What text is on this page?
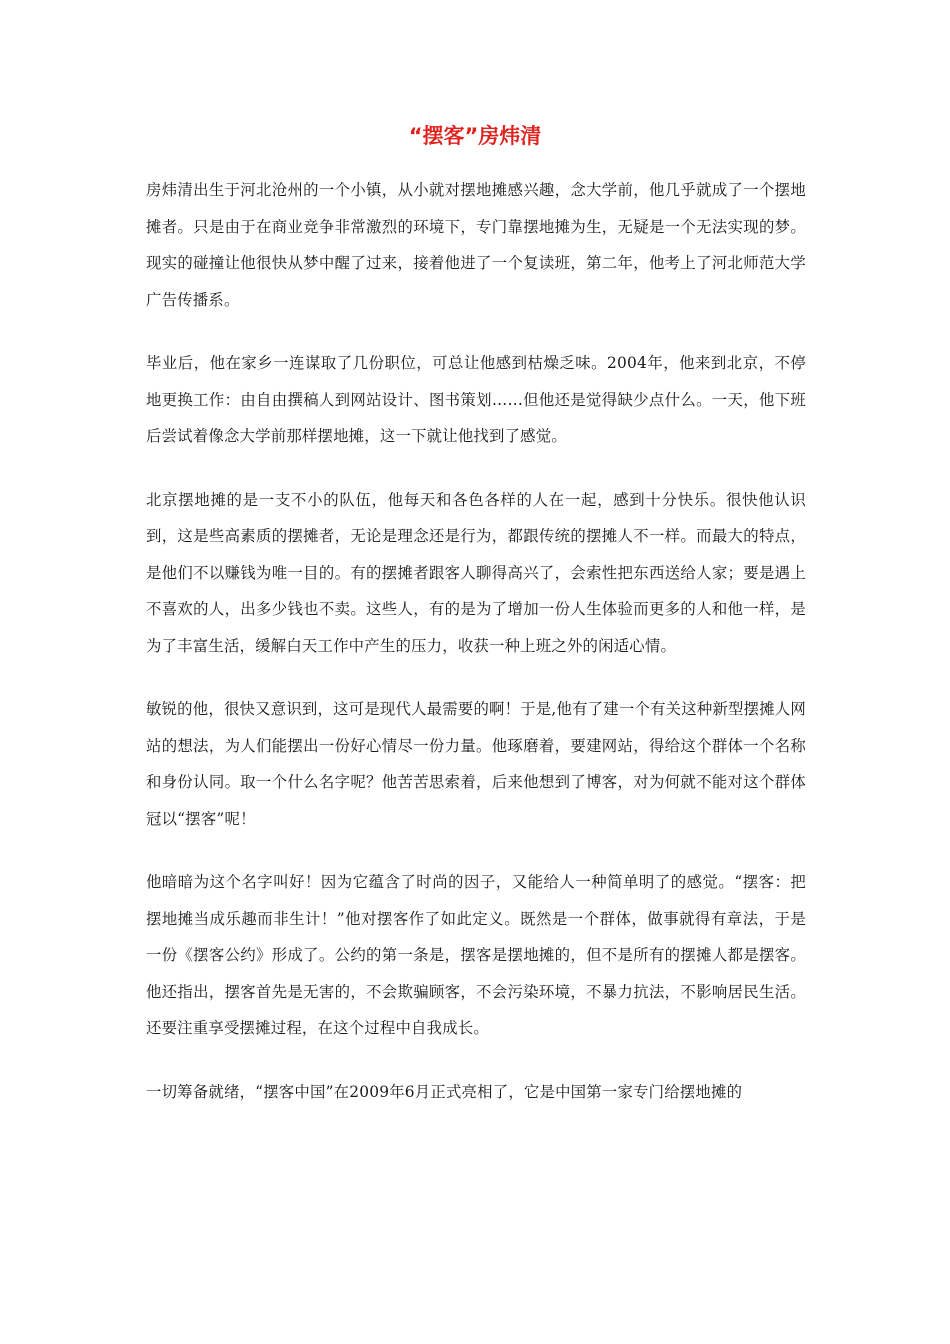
“摆客”房炜清

房炜清出生于河北沧州的一个小镇，从小就对摆地摊感兴趣，念大学前，他几乎就成了一个摆地摊者。只是由于在商业竞争非常激烈的环境下，专门靠摆地摊为生，无疑是一个无法实现的梦。现实的碰撞让他很快从梦中醒了过来，接着他进了一个复读班，第二年，他考上了河北师范大学广告传播系。

毕业后，他在家乡一连谋取了几份职位，可总让他感到枯燥乏味。2004年，他来到北京，不停地更换工作：由自由撰稿人到网站设计、图书策划……但他还是觉得缺少点什么。一天，他下班后尝试着像念大学前那样摆地摊，这一下就让他找到了感觉。

北京摆地摊的是一支不小的队伍，他每天和各色各样的人在一起，感到十分快乐。很快他认识到，这是些高素质的摆摊者，无论是理念还是行为，都跟传统的摆摊人不一样。而最大的特点，是他们不以赚钱为唯一目的。有的摆摊者跟客人聊得高兴了，会索性把东西送给人家；要是遇上不喜欢的人，出多少钱也不卖。这些人，有的是为了增加一份人生体验而更多的人和他一样，是为了丰富生活，缓解白天工作中产生的压力，收获一种上班之外的闲适心情。

敏锐的他，很快又意识到，这可是现代人最需要的啊！于是,他有了建一个有关这种新型摆摊人网站的想法，为人们能摆出一份好心情尽一份力量。他琢磨着，要建网站，得给这个群体一个名称和身份认同。取一个什么名字呢？他苦苦思索着，后来他想到了博客，对为何就不能对这个群体冠以“摆客”呢！

他暗暗为这个名字叫好！因为它蕴含了时尚的因子，又能给人一种简单明了的感觉。“摆客：把摆地摊当成乐趣而非生计！”他对摆客作了如此定义。既然是一个群体，做事就得有章法，于是一份《摆客公约》形成了。公约的第一条是，摆客是摆地摊的，但不是所有的摆摊人都是摆客。他还指出，摆客首先是无害的，不会欺骗顾客，不会污染环境，不暴力抗法，不影响居民生活。还要注重享受摆摊过程，在这个过程中自我成长。

一切筹备就绪，“摆客中国”在2009年6月正式亮相了，它是中国第一家专门给摆地摊的
